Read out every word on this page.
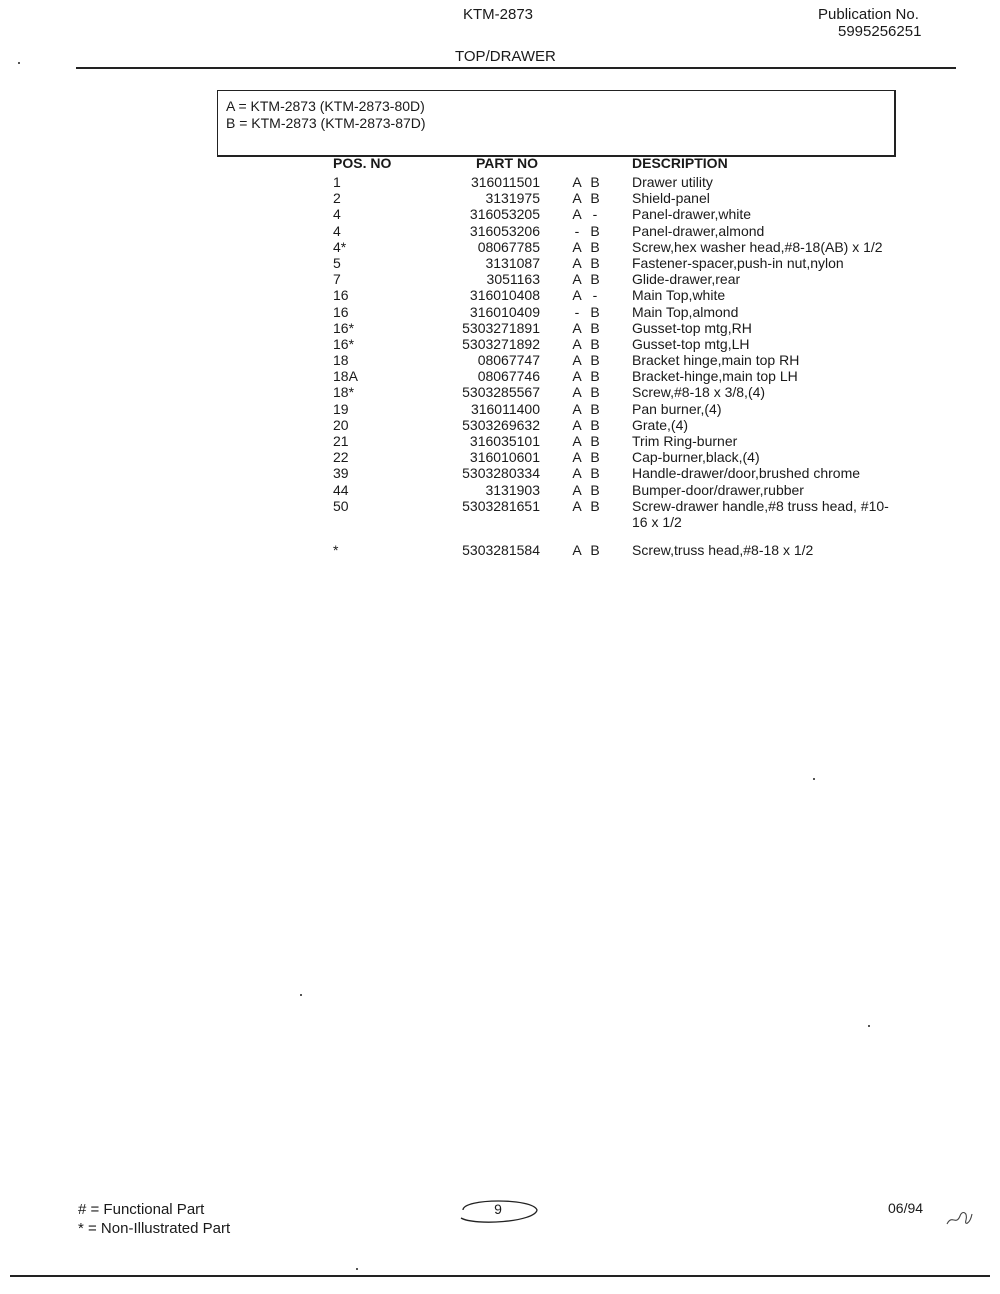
KTM-2873	Publication No.
5995256251
TOP/DRAWER
A = KTM-2873 (KTM-2873-80D)
B = KTM-2873 (KTM-2873-87D)
POS. NO	PART NO	DESCRIPTION
1	316011501 A B Drawer utility
2	3131975 A B Shield-panel
4	316053205 A - Panel-drawer,white
4	316053206 - B Panel-drawer,almond
4*	08067785 A B Screw,hex washer head,#8-18(AB) x 1/2
5	3131087 A B Fastener-spacer,push-in nut,nylon
7	3051163 A B Glide-drawer,rear
16	316010408 A - Main Top,white
16	316010409 - B Main Top,almond
16*	5303271891 A B Gusset-top mtg,RH
16*	5303271892 A B Gusset-top mtg,LH
18	08067747 A B Bracket hinge,main top RH
18A	08067746 A B Bracket-hinge,main top LH
18*	5303285567 A B Screw,#8-18 x 3/8,(4)
19	316011400 A B Pan burner,(4)
20	5303269632 A B Grate,(4)
21	316035101 A B Trim Ring-burner
22	316010601 A B Cap-burner,black,(4)
39	5303280334 A B Handle-drawer/door,brushed chrome
44	3131903 A B Bumper-door/drawer,rubber
50	5303281651 A B Screw-drawer handle,#8 truss head, #10-16 x 1/2
*	5303281584 A B Screw,truss head,#8-18 x 1/2
# = Functional Part
* = Non-Illustrated Part
9	06/94
